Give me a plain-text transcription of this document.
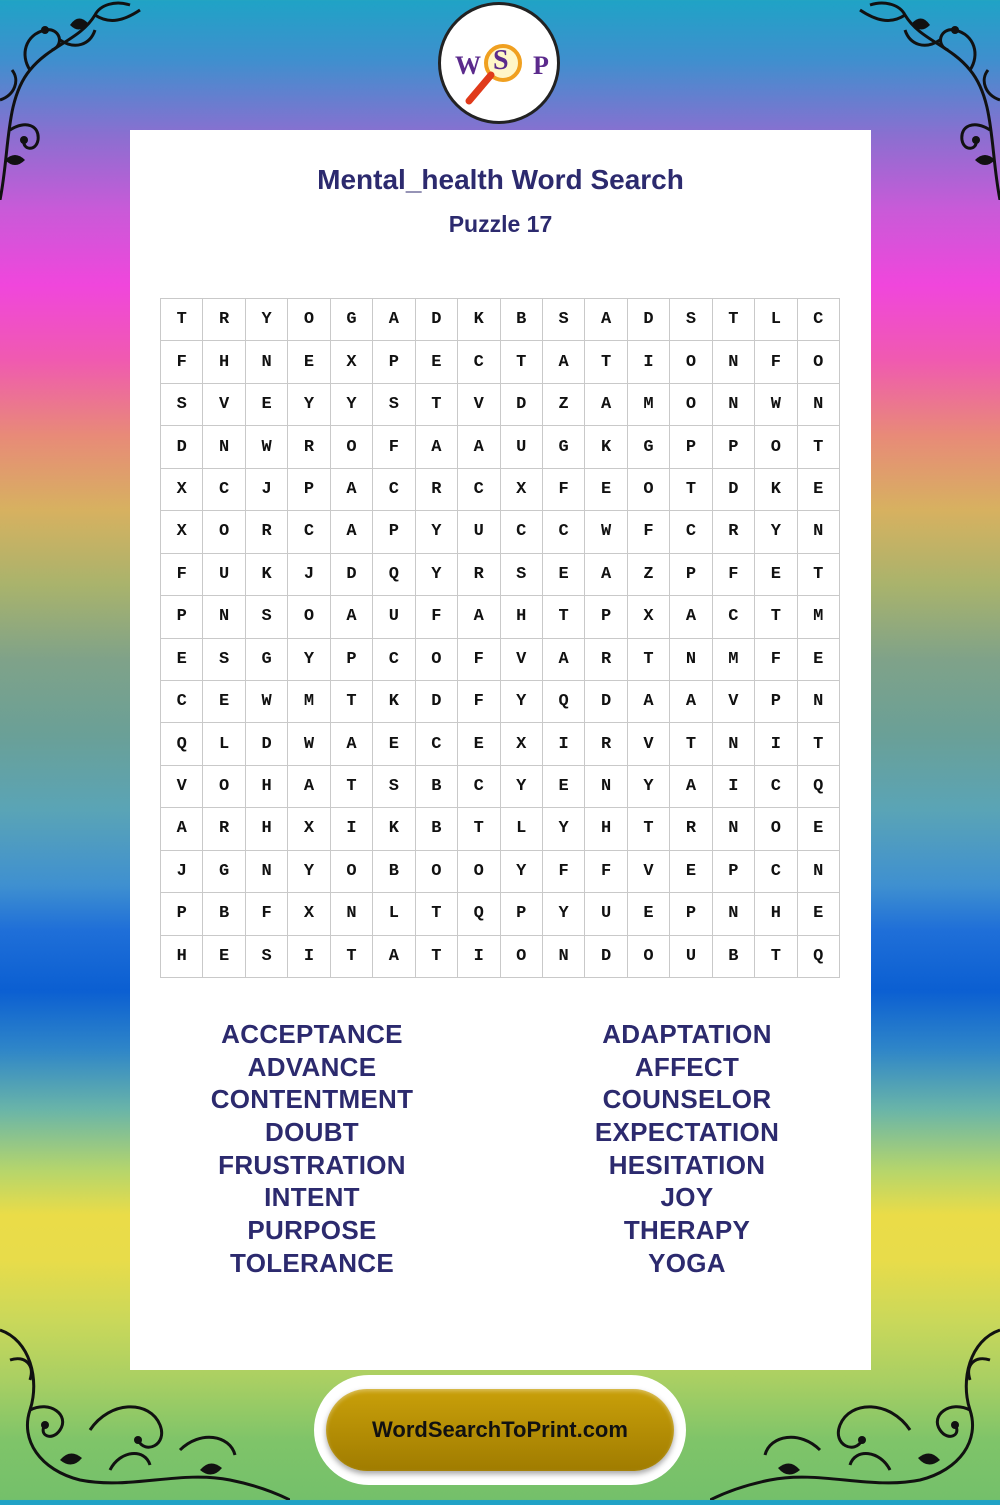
W S P
Mental_health Word Search
Puzzle 17
T	R	Y	O	G	A	D	K	B	S	A	D	S	T	L	C
F	H	N	E	X	P	E	C	T	A	T	I	O	N	F	O
S	V	E	Y	Y	S	T	V	D	Z	A	M	O	N	W	N
D	N	W	R	O	F	A	A	U	G	K	G	P	P	O	T
X	C	J	P	A	C	R	C	X	F	E	O	T	D	K	E
X	O	R	C	A	P	Y	U	C	C	W	F	C	R	Y	N
F	U	K	J	D	Q	Y	R	S	E	A	Z	P	F	E	T
P	N	S	O	A	U	F	A	H	T	P	X	A	C	T	M
E	S	G	Y	P	C	O	F	V	A	R	T	N	M	F	E
C	E	W	M	T	K	D	F	Y	Q	D	A	A	V	P	N
Q	L	D	W	A	E	C	E	X	I	R	V	T	N	I	T
V	O	H	A	T	S	B	C	Y	E	N	Y	A	I	C	Q
A	R	H	X	I	K	B	T	L	Y	H	T	R	N	O	E
J	G	N	Y	O	B	O	O	Y	F	F	V	E	P	C	N
P	B	F	X	N	L	T	Q	P	Y	U	E	P	N	H	E
H	E	S	I	T	A	T	I	O	N	D	O	U	B	T	Q
ACCEPTANCE
ADVANCE
CONTENTMENT
DOUBT
FRUSTRATION
INTENT
PURPOSE
TOLERANCE
ADAPTATION
AFFECT
COUNSELOR
EXPECTATION
HESITATION
JOY
THERAPY
YOGA
WordSearchToPrint.com
